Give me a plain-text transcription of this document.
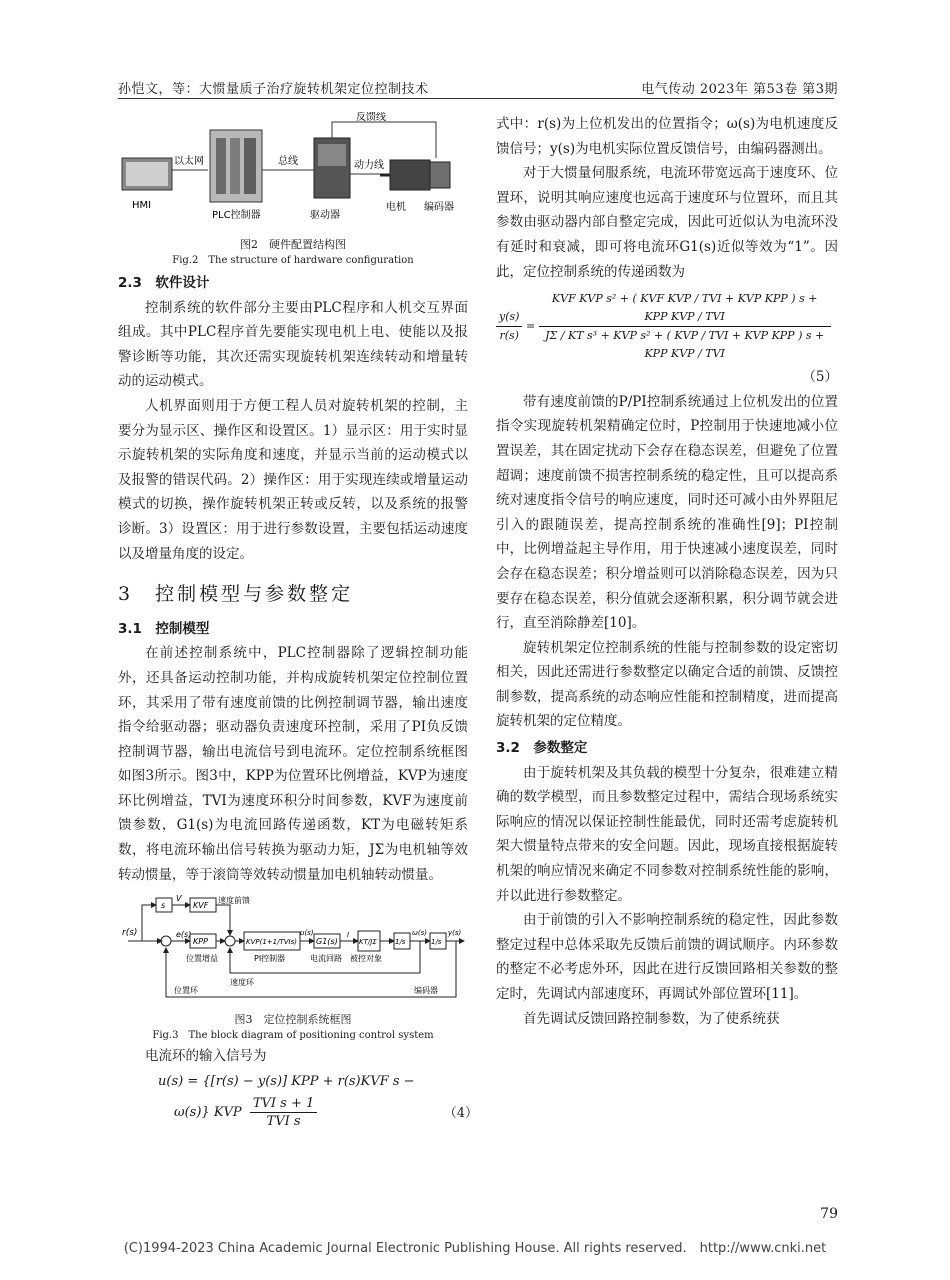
孙恺文，等：大惯量质子治疗旋转机架定位控制技术	电气传动 2023年 第53卷 第3期
HMI
以太网
PLC控制器
总线
驱动器
反馈线
动力线
电机 编码器
图2　硬件配置结构图
Fig.2　The structure of hardware configuration
2.3　软件设计

控制系统的软件部分主要由PLC程序和人机交互界面组成。其中PLC程序首先要能实现电机上电、使能以及报警诊断等功能，其次还需实现旋转机架连续转动和增量转动的运动模式。

人机界面则用于方便工程人员对旋转机架的控制，主要分为显示区、操作区和设置区。1）显示区：用于实时显示旋转机架的实际角度和速度，并显示当前的运动模式以及报警的错误代码。2）操作区：用于实现连续或增量运动模式的切换，操作旋转机架正转或反转，以及系统的报警诊断。3）设置区：用于进行参数设置，主要包括运动速度以及增量角度的设定。

3　控制模型与参数整定
3.1　控制模型

在前述控制系统中，PLC控制器除了逻辑控制功能外，还具备运动控制功能，并构成旋转机架定位控制位置环，其采用了带有速度前馈的比例控制调节器，输出速度指令给驱动器；驱动器负责速度环控制，采用了PI负反馈控制调节器，输出电流信号到电流环。定位控制系统框图如图3所示。图3中，KPP为位置环比例增益，KVP为速度环比例增益，TVI为速度环积分时间参数，KVF为速度前馈参数，G1(s)为电流回路传递函数，KT为电磁转矩系数，将电流环输出信号转换为驱动力矩，JΣ为电机轴等效转动惯量，等于滚筒等效转动惯量加电机轴转动惯量。

r(s)
s
V
KVF
速度前馈
e(s)
KPP
位置增益
KVP(1+1/TVIs)
PI控制器
u(s)
G1(s)
电流回路
I
KT/JΣ
被控对象
1/s
ω(s)
1/s
y(s)
速度环
位置环	编码器
图3　定位控制系统框图
Fig.3　The block diagram of positioning control system

电流环的输入信号为

u(s) = {[r(s) − y(s)] KPP + r(s)KVF s −
ω(s)} KVP $\frac{\text{TVI s + 1}}{\text{TVI s}}$	（4）

式中：r(s)为上位机发出的位置指令；ω(s)为电机速度反馈信号；y(s)为电机实际位置反馈信号，由编码器测出。

对于大惯量伺服系统，电流环带宽远高于速度环、位置环，说明其响应速度也远高于速度环与位置环，而且其参数由驱动器内部自整定完成，因此可近似认为电流环没有延时和衰减，即可将电流环G1(s)近似等效为“1”。因此，定位控制系统的传递函数为

$\frac{y(s)}{r(s)}$ =
KVF KVP s² + ( KVF KVP / TVI + KVP KPP ) s + KPP KVP / TVI
JΣ / KT s³ + KVP s² + ( KVP / TVI + KVP KPP ) s + KPP KVP / TVI
（5）

带有速度前馈的P/PI控制系统通过上位机发出的位置指令实现旋转机架精确定位时，P控制用于快速地减小位置误差，其在固定扰动下会存在稳态误差，但避免了位置超调；速度前馈不损害控制系统的稳定性，且可以提高系统对速度指令信号的响应速度，同时还可减小由外界阻尼引入的跟随误差，提高控制系统的准确性[9]；PI控制中，比例增益起主导作用，用于快速减小速度误差，同时会存在稳态误差；积分增益则可以消除稳态误差，因为只要存在稳态误差，积分值就会逐渐积累，积分调节就会进行，直至消除静差[10]。

旋转机架定位控制系统的性能与控制参数的设定密切相关，因此还需进行参数整定以确定合适的前馈、反馈控制参数，提高系统的动态响应性能和控制精度，进而提高旋转机架的定位精度。

3.2　参数整定

由于旋转机架及其负载的模型十分复杂，很难建立精确的数学模型，而且参数整定过程中，需结合现场系统实际响应的情况以保证控制性能最优，同时还需考虑旋转机架大惯量特点带来的安全问题。因此，现场直接根据旋转机架的响应情况来确定不同参数对控制系统性能的影响，并以此进行参数整定。

由于前馈的引入不影响控制系统的稳定性，因此参数整定过程中总体采取先反馈后前馈的调试顺序。内环参数的整定不必考虑外环，因此在进行反馈回路相关参数的整定时，先调试内部速度环，再调试外部位置环[11]。

首先调试反馈回路控制参数，为了使系统获

79
(C)1994-2023 China Academic Journal Electronic Publishing House. All rights reserved.　http://www.cnki.net
